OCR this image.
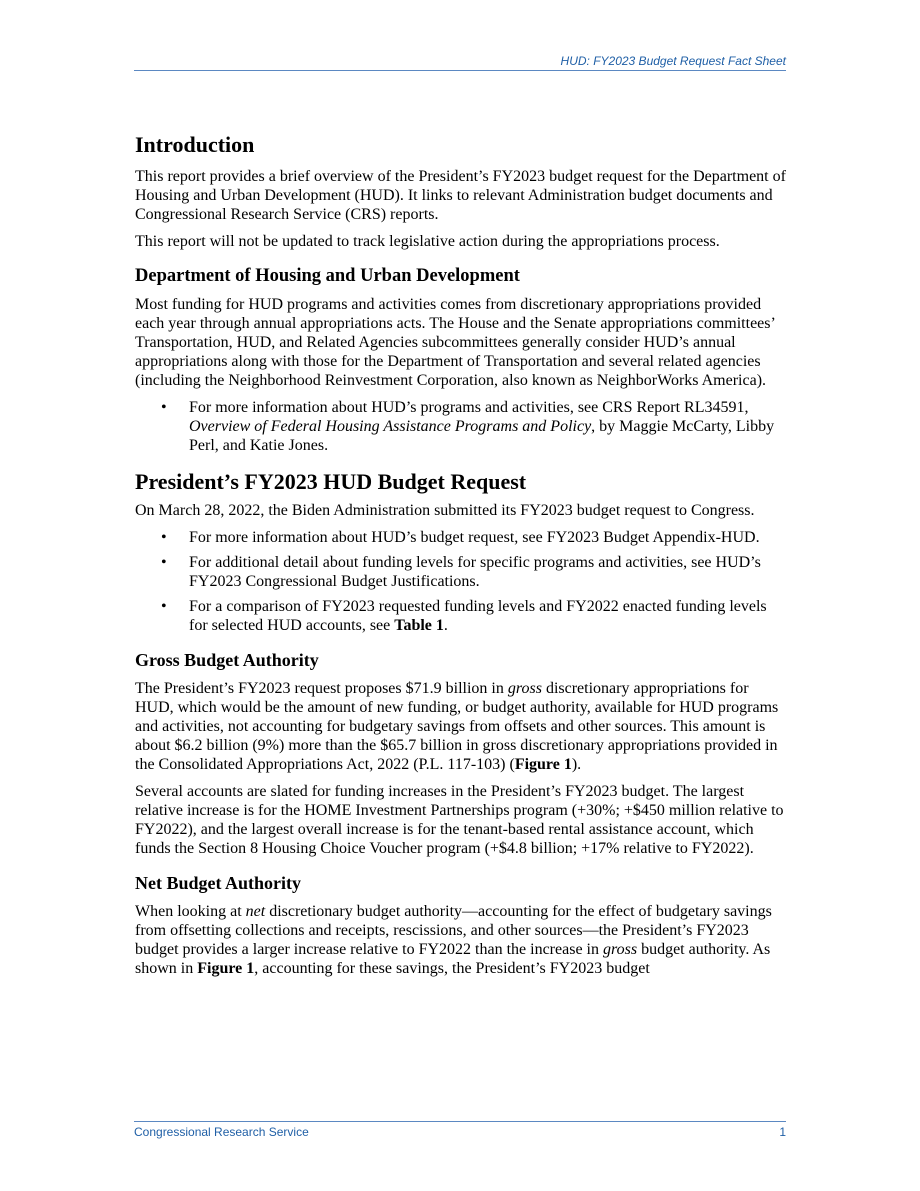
HUD: FY2023 Budget Request Fact Sheet
Introduction

This report provides a brief overview of the President’s FY2023 budget request for the Department of Housing and Urban Development (HUD). It links to relevant Administration budget documents and Congressional Research Service (CRS) reports.

This report will not be updated to track legislative action during the appropriations process.

Department of Housing and Urban Development

Most funding for HUD programs and activities comes from discretionary appropriations provided each year through annual appropriations acts. The House and the Senate appropriations committees’ Transportation, HUD, and Related Agencies subcommittees generally consider HUD’s annual appropriations along with those for the Department of Transportation and several related agencies (including the Neighborhood Reinvestment Corporation, also known as NeighborWorks America).

• For more information about HUD’s programs and activities, see CRS Report RL34591, Overview of Federal Housing Assistance Programs and Policy, by Maggie McCarty, Libby Perl, and Katie Jones.
President’s FY2023 HUD Budget Request

On March 28, 2022, the Biden Administration submitted its FY2023 budget request to Congress.

• For more information about HUD’s budget request, see FY2023 Budget Appendix-HUD.
• For additional detail about funding levels for specific programs and activities, see HUD’s FY2023 Congressional Budget Justifications.
• For a comparison of FY2023 requested funding levels and FY2022 enacted funding levels for selected HUD accounts, see Table 1.
Gross Budget Authority

The President’s FY2023 request proposes $71.9 billion in gross discretionary appropriations for HUD, which would be the amount of new funding, or budget authority, available for HUD programs and activities, not accounting for budgetary savings from offsets and other sources. This amount is about $6.2 billion (9%) more than the $65.7 billion in gross discretionary appropriations provided in the Consolidated Appropriations Act, 2022 (P.L. 117-103) (Figure 1).

Several accounts are slated for funding increases in the President’s FY2023 budget. The largest relative increase is for the HOME Investment Partnerships program (+30%; +$450 million relative to FY2022), and the largest overall increase is for the tenant-based rental assistance account, which funds the Section 8 Housing Choice Voucher program (+$4.8 billion; +17% relative to FY2022).

Net Budget Authority

When looking at net discretionary budget authority—accounting for the effect of budgetary savings from offsetting collections and receipts, rescissions, and other sources—the President’s FY2023 budget provides a larger increase relative to FY2022 than the increase in gross budget authority. As shown in Figure 1, accounting for these savings, the President’s FY2023 budget

Congressional Research Service	1
